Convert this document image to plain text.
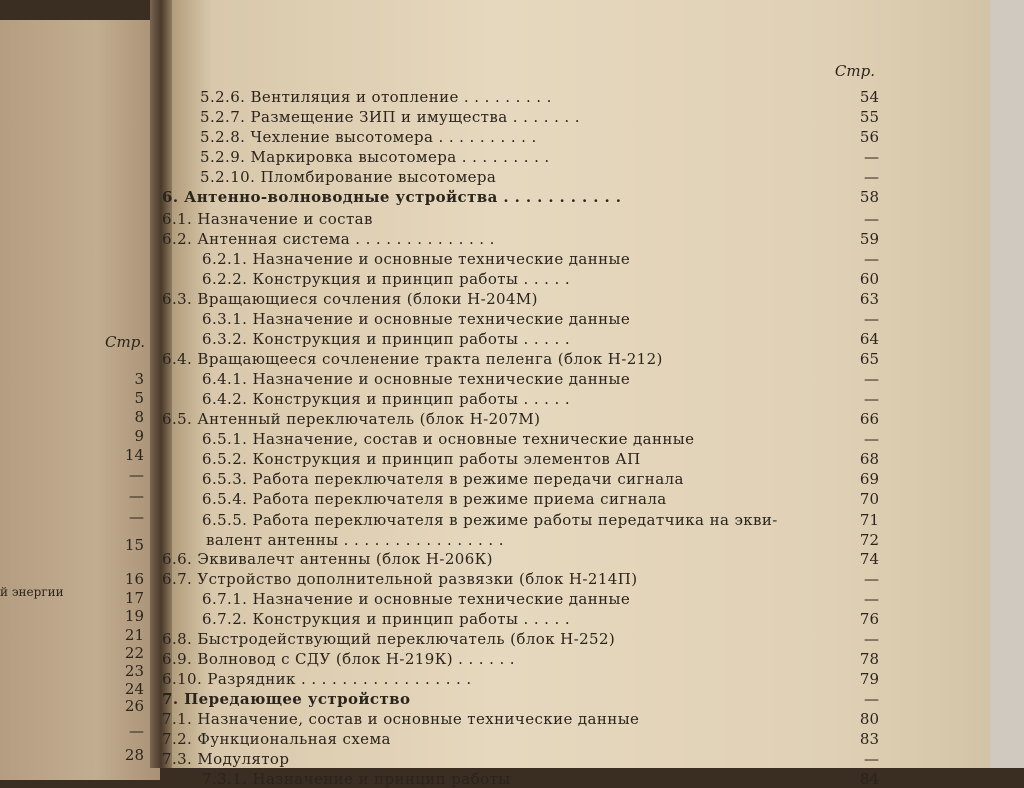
Стр.
й энергии
3
5
8
9
14
—
—
—
15
16
17
19
21
22
23
24
26
—
28
Стр.
5.2.6. Вентиляция и отопление . . . . . . . . .	54
5.2.7. Размещение ЗИП и имущества . . . . . . .	55
5.2.8. Чехление высотомера . . . . . . . . . .	56
5.2.9. Маркировка высотомера . . . . . . . . .	—
5.2.10. Пломбирование высотомера	—
6. Антенно-волноводные устройства . . . . . . . . . . .	58
6.1. Назначение и состав	—
6.2. Антенная система . . . . . . . . . . . . . .	59
6.2.1. Назначение и основные технические данные	—
6.2.2. Конструкция и принцип работы . . . . .	60
6.3. Вращающиеся сочления (блоки Н-204М)	63
6.3.1. Назначение и основные технические данные	—
6.3.2. Конструкция и принцип работы . . . . .	64
6.4. Вращающееся сочленение тракта пеленга (блок Н-212)	65
6.4.1. Назначение и основные технические данные	—
6.4.2. Конструкция и принцип работы . . . . .	—
6.5. Антенный переключатель (блок Н-207М)	66
6.5.1. Назначение, состав и основные технические данные	—
6.5.2. Конструкция и принцип работы элементов АП	68
6.5.3. Работа переключателя в режиме передачи сигнала	69
6.5.4. Работа переключателя в режиме приема сигнала	70
6.5.5. Работа переключателя в режиме работы передатчика на экви-	71
валент антенны . . . . . . . . . . . . . . . .	72
6.6. Эквивалечт антенны (блок Н-206К)	74
6.7. Устройство дополнительной развязки (блок Н-214П)	—
6.7.1. Назначение и основные технические данные	—
6.7.2. Конструкция и принцип работы . . . . .	76
6.8. Быстродействующий переключатель (блок Н-252)	—
6.9. Волновод с СДУ (блок Н-219К) . . . . . .	78
6.10. Разрядник . . . . . . . . . . . . . . . . .	79
7. Передающее устройство	—
7.1. Назначение, состав и основные технические данные	80
7.2. Функциональная схема	83
7.3. Модулятор	—
7.3.1. Назначение и принцип работы	84
